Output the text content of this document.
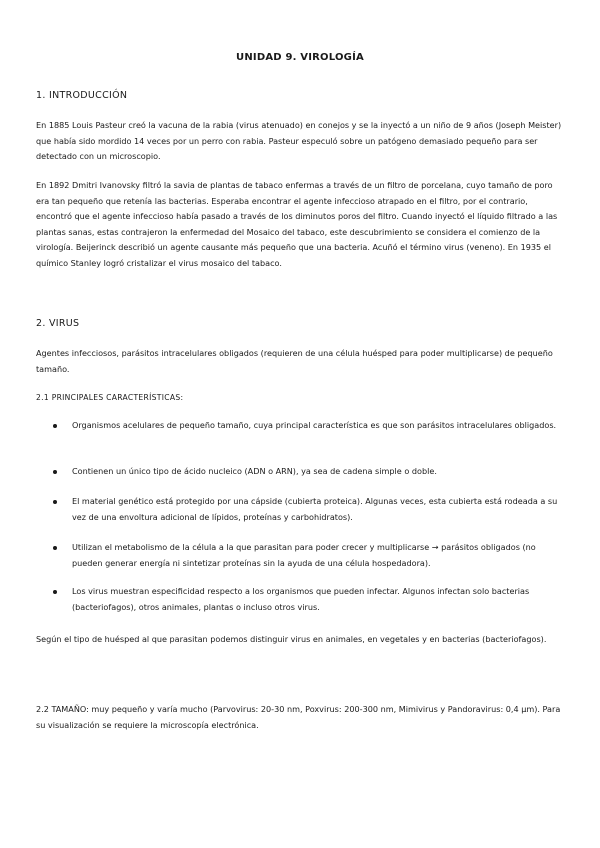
UNIDAD 9. VIROLOGÍA
1. INTRODUCCIÓN

En 1885 Louis Pasteur creó la vacuna de la rabia (virus atenuado) en conejos y se la inyectó a un niño de 9 años (Joseph Meister) que había sido mordido 14 veces por un perro con rabia. Pasteur especuló sobre un patógeno demasiado pequeño para ser detectado con un microscopio.

En 1892 Dmitri Ivanovsky filtró la savia de plantas de tabaco enfermas a través de un filtro de porcelana, cuyo tamaño de poro era tan pequeño que retenía las bacterias. Esperaba encontrar el agente infeccioso atrapado en el filtro, por el contrario, encontró que el agente infeccioso había pasado a través de los diminutos poros del filtro. Cuando inyectó el líquido filtrado a las plantas sanas, estas contrajeron la enfermedad del Mosaico del tabaco, este descubrimiento se considera el comienzo de la virología. Beijerinck describió un agente causante más pequeño que una bacteria. Acuñó el término virus (veneno). En 1935 el químico Stanley logró cristalizar el virus mosaico del tabaco.

2. VIRUS

Agentes infecciosos, parásitos intracelulares obligados (requieren de una célula huésped para poder multiplicarse) de pequeño tamaño.

2.1 PRINCIPALES CARACTERÍSTICAS:
Organismos acelulares de pequeño tamaño, cuya principal característica es que son parásitos intracelulares obligados.
Contienen un único tipo de ácido nucleico (ADN o ARN), ya sea de cadena simple o doble.
El material genético está protegido por una cápside (cubierta proteica). Algunas veces, esta cubierta está rodeada a su vez de una envoltura adicional de lípidos, proteínas y carbohidratos).
Utilizan el metabolismo de la célula a la que parasitan para poder crecer y multiplicarse → parásitos obligados (no pueden generar energía ni sintetizar proteínas sin la ayuda de una célula hospedadora).
Los virus muestran especificidad respecto a los organismos que pueden infectar. Algunos infectan solo bacterias (bacteriofagos), otros animales, plantas o incluso otros virus.

Según el tipo de huésped al que parasitan podemos distinguir virus en animales, en vegetales y en bacterias (bacteriofagos).

2.2 TAMAÑO: muy pequeño y varía mucho (Parvovirus: 20-30 nm, Poxvirus: 200-300 nm, Mimivirus y Pandoravirus: 0,4 µm). Para su visualización se requiere la microscopía electrónica.
